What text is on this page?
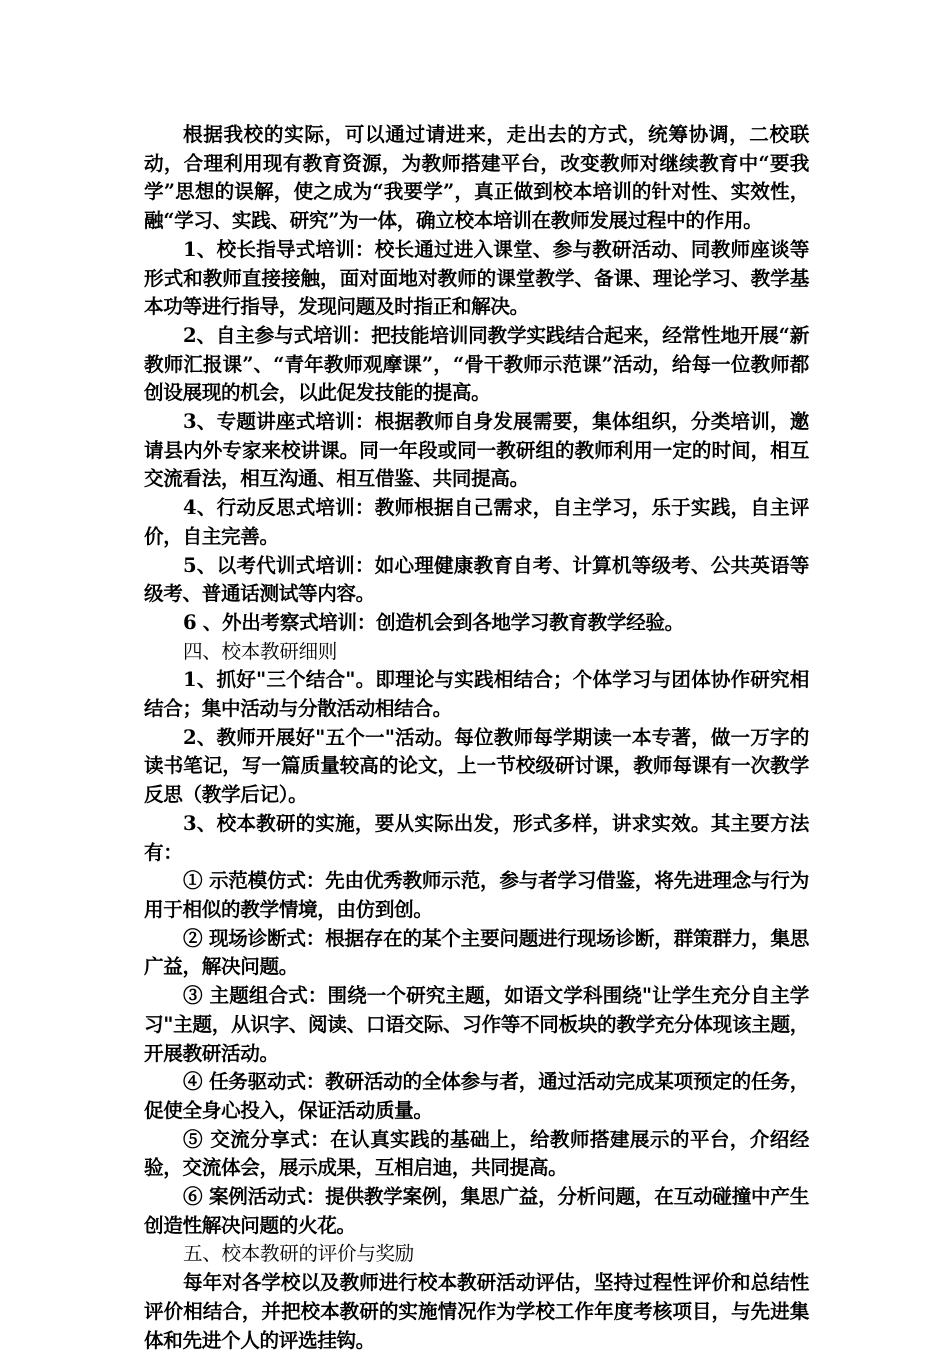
根据我校的实际，可以通过请进来，走出去的方式，统筹协调，二校联动，合理利用现有教育资源，为教师搭建平台，改变教师对继续教育中“要我学”思想的误解，使之成为“我要学”，真正做到校本培训的针对性、实效性，融“学习、实践、研究”为一体，确立校本培训在教师发展过程中的作用。

1、校长指导式培训：校长通过进入课堂、参与教研活动、同教师座谈等形式和教师直接接触，面对面地对教师的课堂教学、备课、理论学习、教学基本功等进行指导，发现问题及时指正和解决。

2、自主参与式培训：把技能培训同教学实践结合起来，经常性地开展“新教师汇报课”、“青年教师观摩课”，“骨干教师示范课”活动，给每一位教师都创设展现的机会，以此促发技能的提高。

3、专题讲座式培训：根据教师自身发展需要，集体组织，分类培训，邀请县内外专家来校讲课。同一年段或同一教研组的教师利用一定的时间，相互交流看法，相互沟通、相互借鉴、共同提高。

4、行动反思式培训：教师根据自己需求，自主学习，乐于实践，自主评价，自主完善。

5、以考代训式培训：如心理健康教育自考、计算机等级考、公共英语等级考、普通话测试等内容。

6 、外出考察式培训：创造机会到各地学习教育教学经验。

四、校本教研细则

1、抓好"三个结合"。即理论与实践相结合；个体学习与团体协作研究相结合；集中活动与分散活动相结合。

2、教师开展好"五个一"活动。每位教师每学期读一本专著，做一万字的读书笔记，写一篇质量较高的论文，上一节校级研讨课，教师每课有一次教学反思（教学后记）。

3、校本教研的实施，要从实际出发，形式多样，讲求实效。其主要方法有：

① 示范模仿式：先由优秀教师示范，参与者学习借鉴，将先进理念与行为用于相似的教学情境，由仿到创。

② 现场诊断式：根据存在的某个主要问题进行现场诊断，群策群力，集思广益，解决问题。

③ 主题组合式：围绕一个研究主题，如语文学科围绕"让学生充分自主学习"主题，从识字、阅读、口语交际、习作等不同板块的教学充分体现该主题，开展教研活动。

④ 任务驱动式：教研活动的全体参与者，通过活动完成某项预定的任务，促使全身心投入，保证活动质量。

⑤ 交流分享式：在认真实践的基础上，给教师搭建展示的平台，介绍经验，交流体会，展示成果，互相启迪，共同提高。

⑥ 案例活动式：提供教学案例，集思广益，分析问题，在互动碰撞中产生创造性解决问题的火花。

五、校本教研的评价与奖励

每年对各学校以及教师进行校本教研活动评估，坚持过程性评价和总结性评价相结合，并把校本教研的实施情况作为学校工作年度考核项目，与先进集体和先进个人的评选挂钩。
